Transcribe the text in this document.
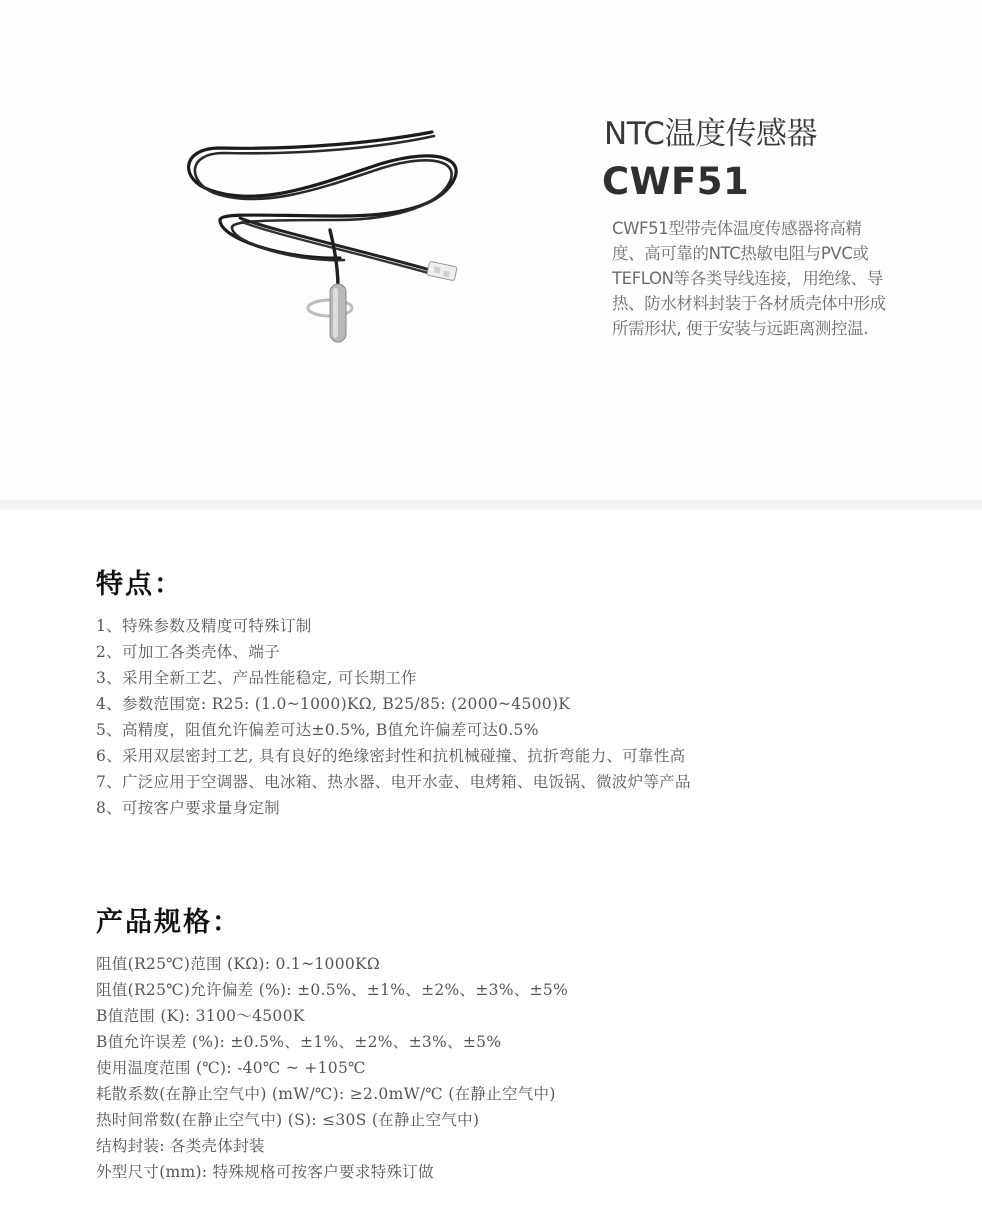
NTC温度传感器
CWF51

CWF51型带壳体温度传感器将高精度、高可靠的NTC热敏电阻与PVC或TEFLON等各类导线连接，用绝缘、导热、防水材料封装于各材质壳体中形成所需形状, 便于安装与远距离测控温.

特点：
1、特殊参数及精度可特殊订制
2、可加工各类壳体、端子
3、采用全新工艺、产品性能稳定, 可长期工作
4、参数范围宽: R25: (1.0~1000)KΩ, B25/85: (2000~4500)K
5、高精度，阻值允许偏差可达±0.5%, B值允许偏差可达0.5%
6、采用双层密封工艺, 具有良好的绝缘密封性和抗机械碰撞、抗折弯能力、可靠性高
7、广泛应用于空调器、电冰箱、热水器、电开水壶、电烤箱、电饭锅、微波炉等产品
8、可按客户要求量身定制
产品规格：
阻值(R25℃)范围 (KΩ): 0.1~1000KΩ
阻值(R25℃)允许偏差 (%): ±0.5%、±1%、±2%、±3%、±5%
B值范围 (K): 3100～4500K
B值允许误差 (%): ±0.5%、±1%、±2%、±3%、±5%
使用温度范围 (℃): -40℃ ~ +105℃
耗散系数(在静止空气中) (mW/℃): ≥2.0mW/℃ (在静止空气中)
热时间常数(在静止空气中) (S): ≤30S (在静止空气中)
结构封装: 各类壳体封装
外型尺寸(mm): 特殊规格可按客户要求特殊订做
